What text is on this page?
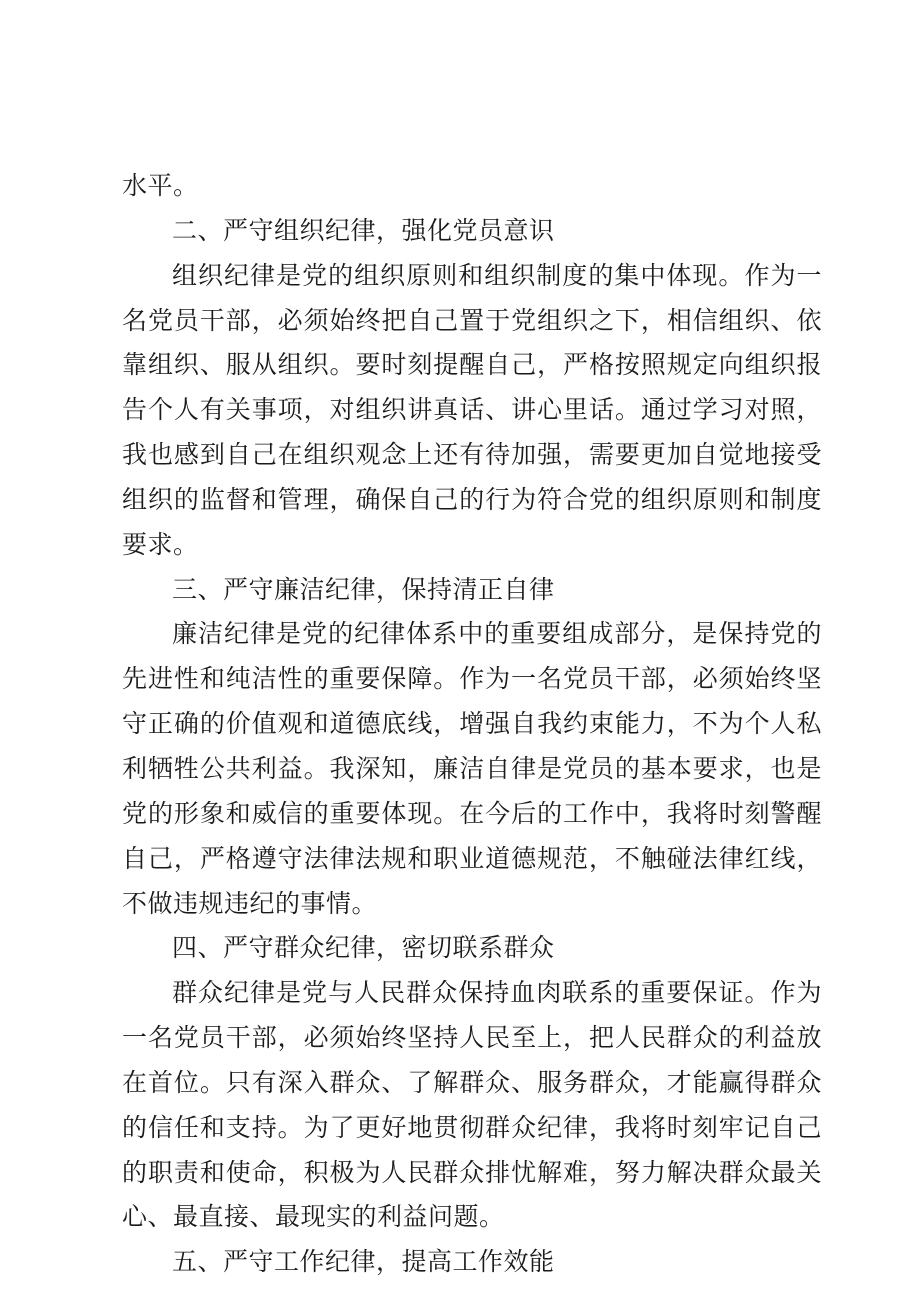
水平。

二、严守组织纪律，强化党员意识

组织纪律是党的组织原则和组织制度的集中体现。作为一名党员干部，必须始终把自己置于党组织之下，相信组织、依靠组织、服从组织。要时刻提醒自己，严格按照规定向组织报告个人有关事项，对组织讲真话、讲心里话。通过学习对照，我也感到自己在组织观念上还有待加强，需要更加自觉地接受组织的监督和管理，确保自己的行为符合党的组织原则和制度要求。

三、严守廉洁纪律，保持清正自律

廉洁纪律是党的纪律体系中的重要组成部分，是保持党的先进性和纯洁性的重要保障。作为一名党员干部，必须始终坚守正确的价值观和道德底线，增强自我约束能力，不为个人私利牺牲公共利益。我深知，廉洁自律是党员的基本要求，也是党的形象和威信的重要体现。在今后的工作中，我将时刻警醒自己，严格遵守法律法规和职业道德规范，不触碰法律红线，不做违规违纪的事情。

四、严守群众纪律，密切联系群众

群众纪律是党与人民群众保持血肉联系的重要保证。作为一名党员干部，必须始终坚持人民至上，把人民群众的利益放在首位。只有深入群众、了解群众、服务群众，才能赢得群众的信任和支持。为了更好地贯彻群众纪律，我将时刻牢记自己的职责和使命，积极为人民群众排忧解难，努力解决群众最关心、最直接、最现实的利益问题。

五、严守工作纪律，提高工作效能
